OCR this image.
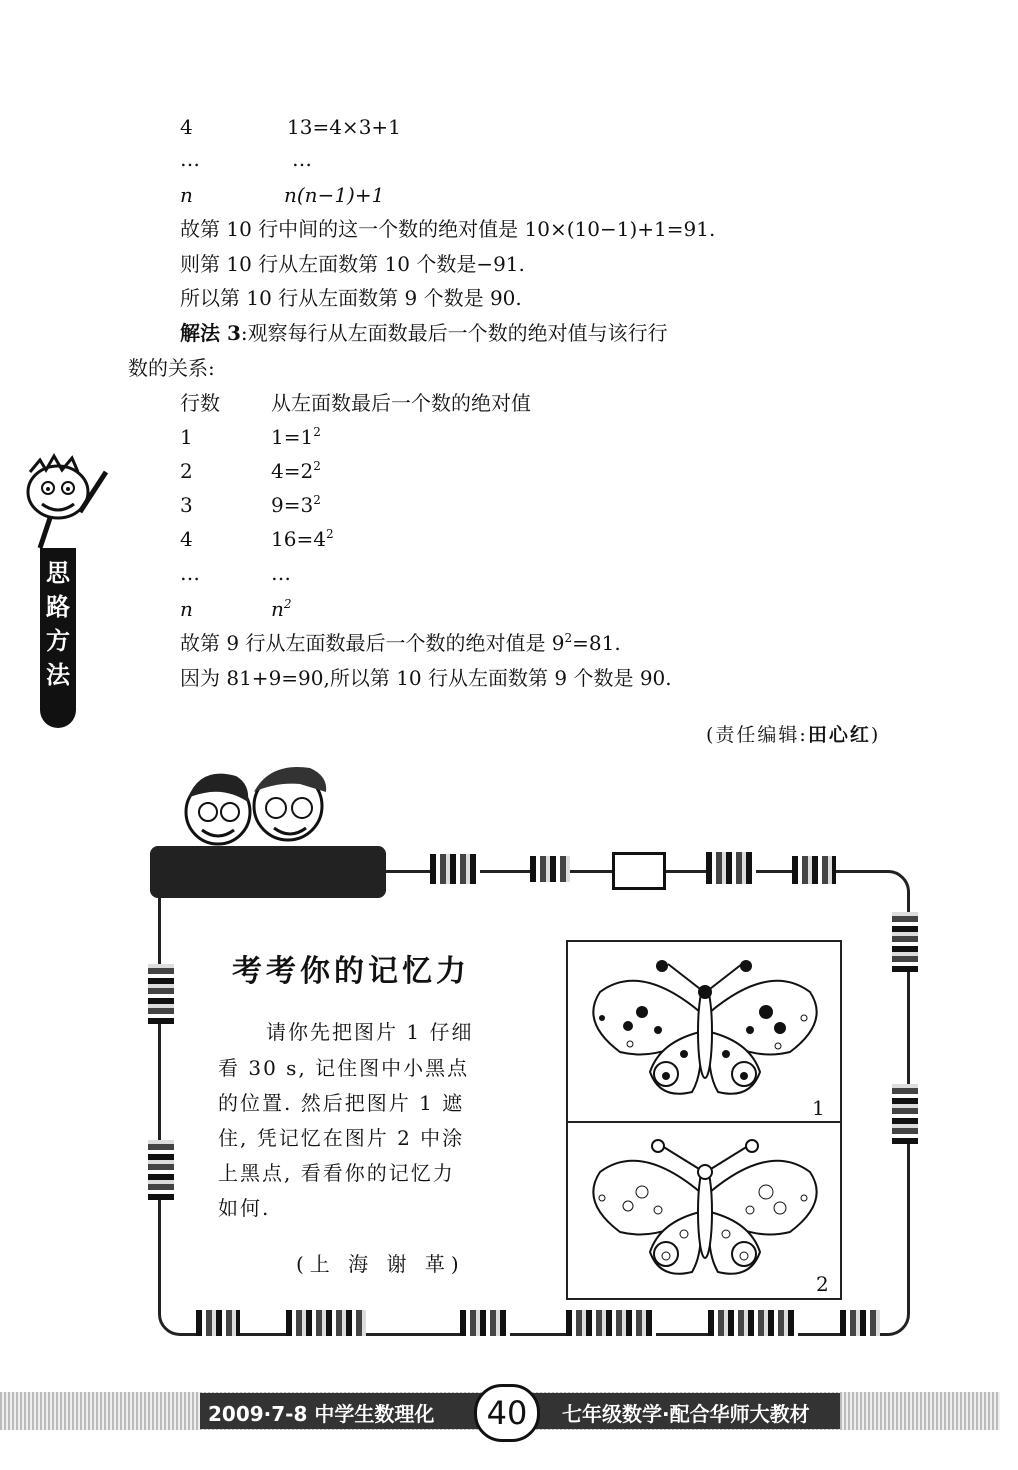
4	13=4×3+1
…	…
n	n(n−1)+1
故第 10 行中间的这一个数的绝对值是 10×(10−1)+1=91.
则第 10 行从左面数第 10 个数是−91.
所以第 10 行从左面数第 9 个数是 90.
解法 3:观察每行从左面数最后一个数的绝对值与该行行
数的关系:
行数	从左面数最后一个数的绝对值
1	$1=1^2$
2	$4=2^2$
3	$9=3^2$
4	$16=4^2$
…	…
n	$n^2$
故第 9 行从左面数最后一个数的绝对值是 $9^2=81$.
因为 81+9=90,所以第 10 行从左面数第 9 个数是 90.
(责任编辑:田心红)
思
路
方
法
考考你的记忆力
请你先把图片 1 仔细
看 30 s, 记住图中小黑点
的位置. 然后把图片 1 遮
住, 凭记忆在图片 2 中涂
上黑点, 看看你的记忆力
如何.
(上 海 谢 革)
1
2
2009·7-8 中学生数理化	40	七年级数学·配合华师大教材
